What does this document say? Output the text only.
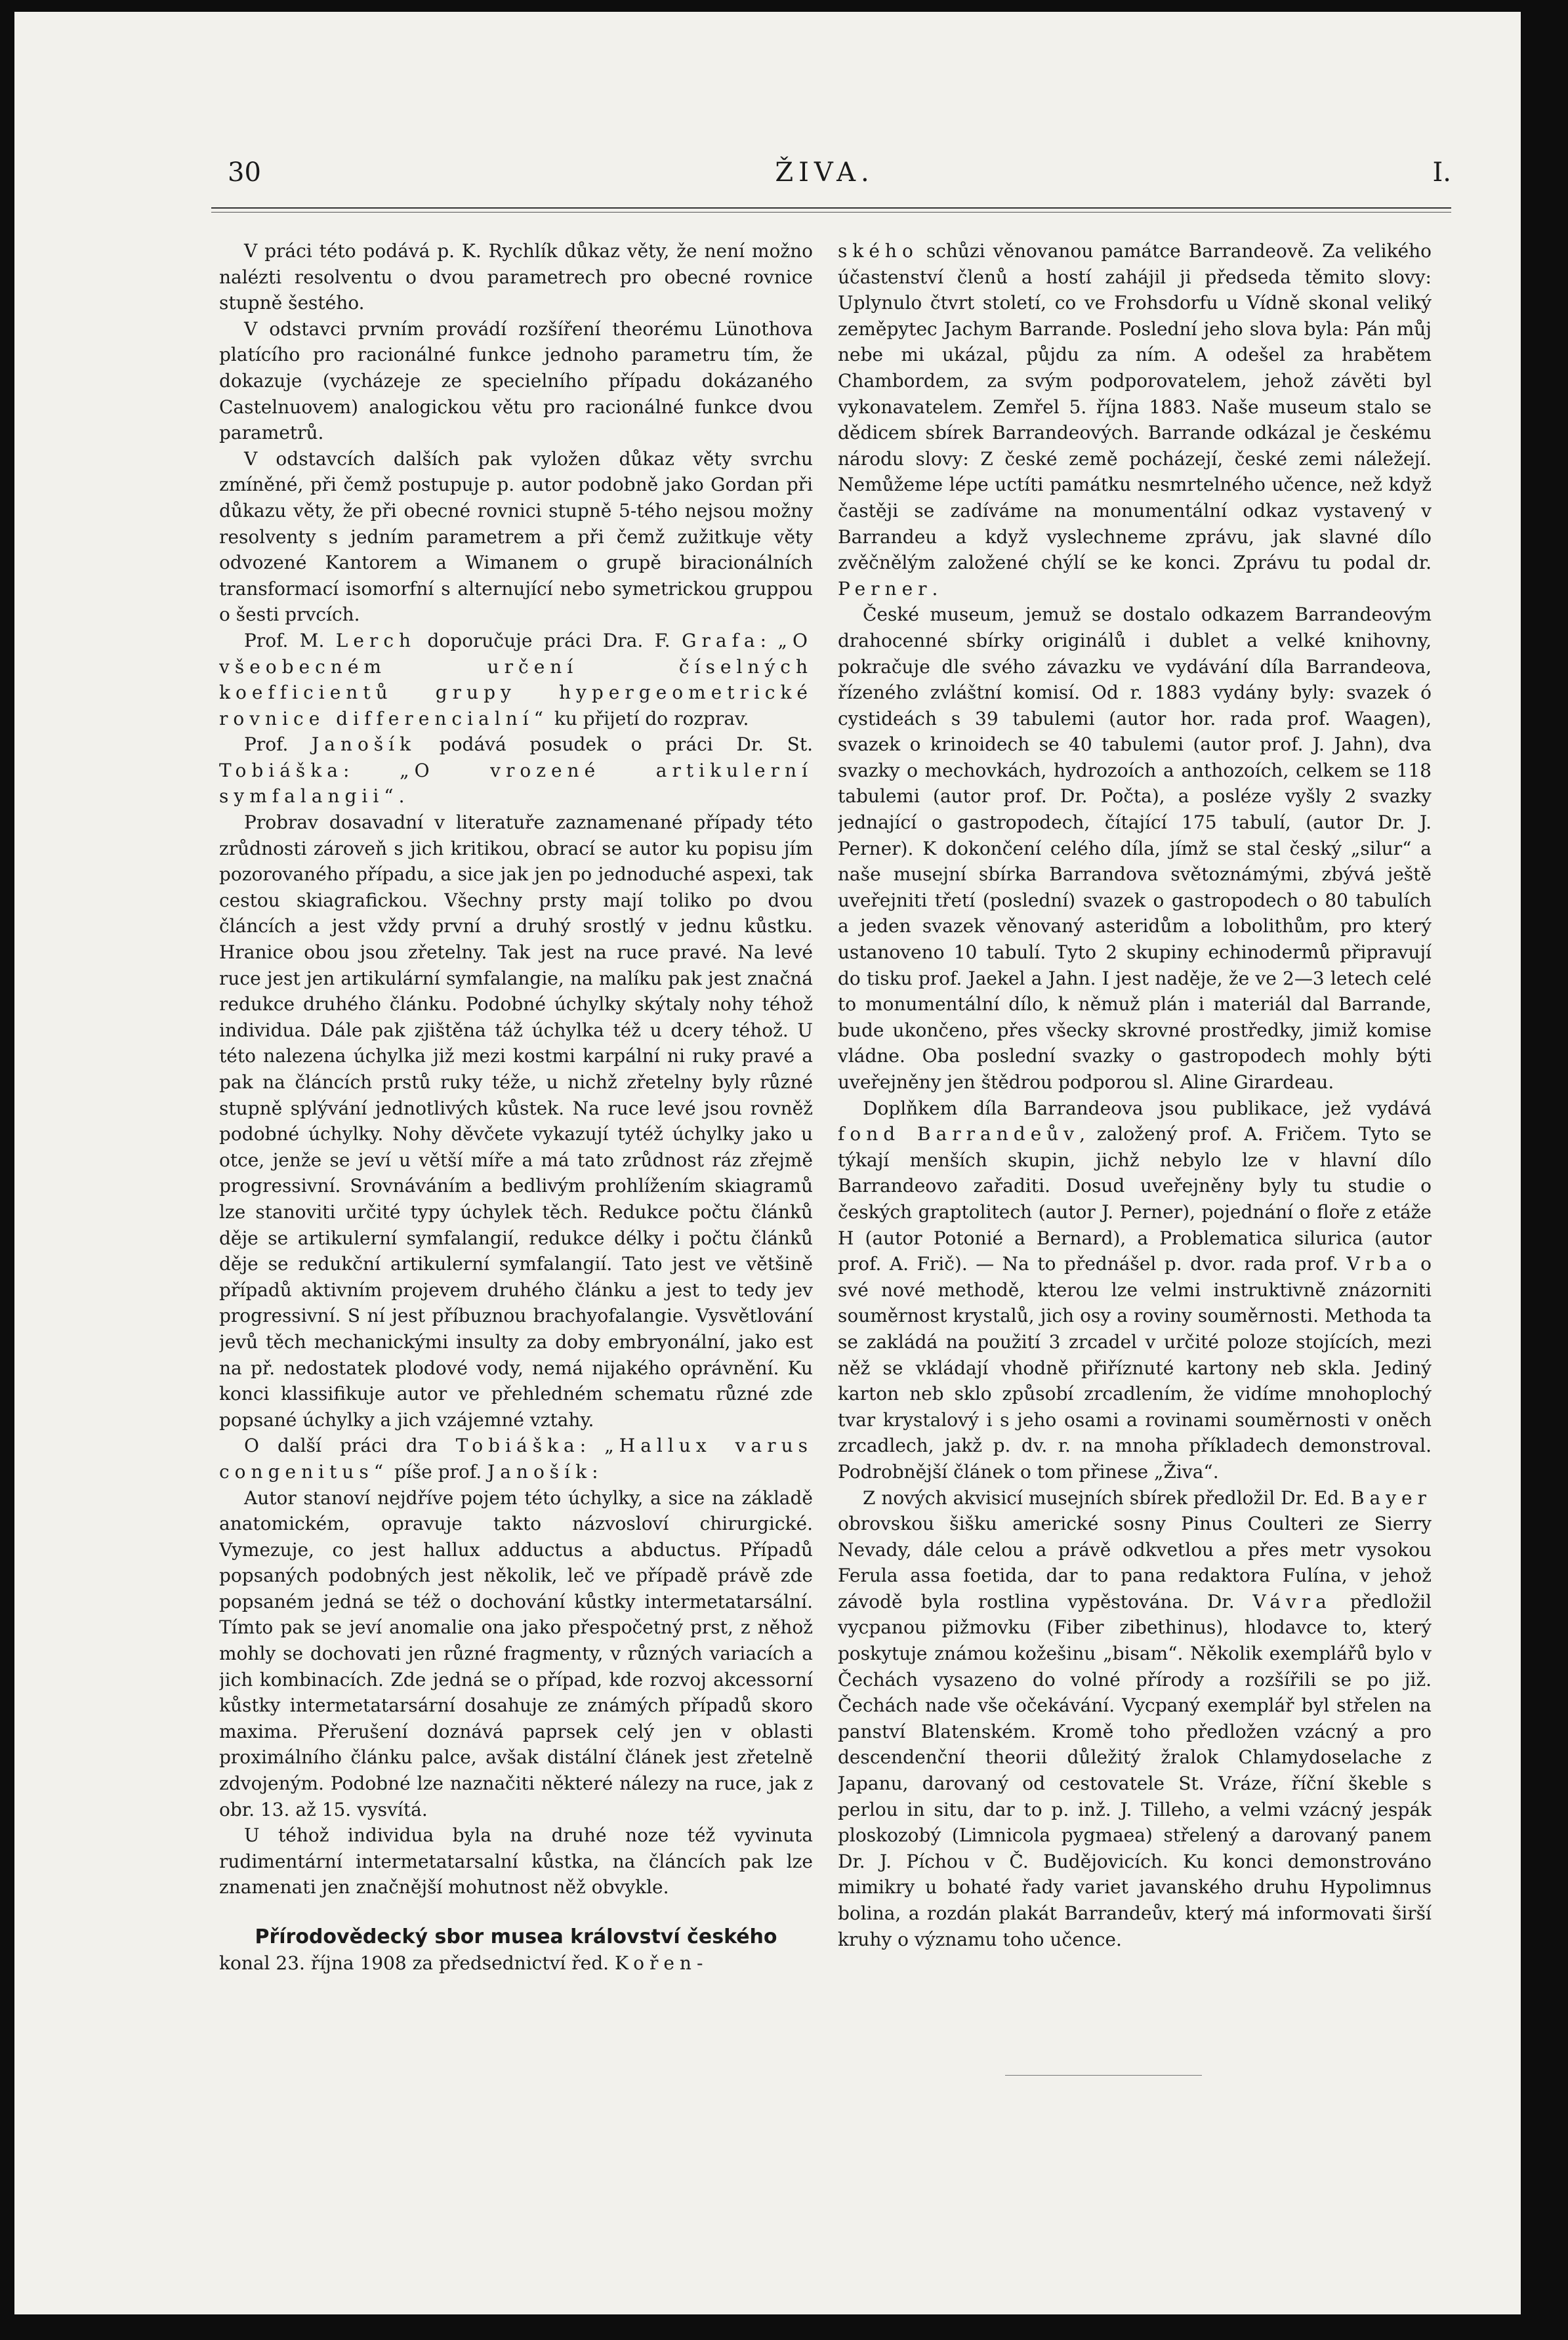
30	ŽIVA.	I.

V práci této podává p. K. Rychlík důkaz věty, že není možno nalézti resolventu o dvou parametrech pro obecné rovnice stupně šestého.

V odstavci prvním provádí rozšíření theorému Lünothova platícího pro racionálné funkce jednoho parametru tím, že dokazuje (vycházeje ze specielního případu dokázaného Castelnuovem) analogickou větu pro racionálné funkce dvou parametrů.

V odstavcích dalších pak vyložen důkaz věty svrchu zmíněné, při čemž postupuje p. autor podobně jako Gordan při důkazu věty, že při obecné rovnici stupně 5-tého nejsou možny resolventy s jedním parametrem a při čemž zužitkuje věty odvozené Kantorem a Wimanem o grupě biracionálních transformací isomorfní s alternující nebo symetrickou gruppou o šesti prvcích.

Prof. M. Lerch doporučuje práci Dra. F. Grafa: „O všeobecném určení číselných koefficientů grupy hypergeometrické rovnice differencialní“ ku přijetí do rozprav.

Prof. Janošík podává posudek o práci Dr. St. Tobiáška:	„O vrozené artikulerní symfalangii“.

Probrav dosavadní v literatuře zaznamenané případy této zrůdnosti zároveň s jich kritikou, obrací se autor ku popisu jím pozorovaného případu, a sice jak jen po jednoduché aspexi, tak cestou skiagrafickou. Všechny prsty mají toliko po dvou článcích a jest vždy první a druhý srostlý v jednu kůstku. Hranice obou jsou zřetelny. Tak jest na ruce pravé. Na levé ruce jest jen artikulární symfalangie, na malíku pak jest značná redukce druhého článku. Podobné úchylky skýtaly nohy téhož individua. Dále pak zjištěna táž úchylka též u dcery téhož. U této nalezena úchylka již mezi kostmi karpální ni ruky pravé a pak na článcích prstů ruky téže, u nichž zřetelny byly různé stupně splývání jednotlivých kůstek. Na ruce levé jsou rovněž podobné úchylky. Nohy děvčete vykazují tytéž úchylky jako u otce, jenže se jeví u větší míře a má tato zrůdnost ráz zřejmě progressivní. Srovnáváním a bedlivým prohlížením skiagramů lze stanoviti určité typy úchylek těch. Redukce počtu článků děje se artikulerní symfalangií, redukce délky i počtu článků děje se redukční artikulerní symfalangií. Tato jest ve většině případů aktivním projevem druhého článku a jest to tedy jev progressivní. S ní jest příbuznou brachyofalangie. Vysvětlování jevů těch mechanickými insulty za doby embryonální, jako est na př. nedostatek plodové vody, nemá nijakého oprávnění. Ku konci klassifikuje autor ve přehledném schematu různé zde popsané úchylky a jich vzájemné vztahy.

O další práci dra Tobiáška: „Hallux varus congenitus“ píše prof. Janošík:

Autor stanoví nejdříve pojem této úchylky, a sice na základě anatomickém, opravuje takto názvosloví chirurgické. Vymezuje, co jest hallux adductus a abductus. Případů popsaných podobných jest několik, leč ve případě právě zde popsaném jedná se též o dochování kůstky intermetatarsální. Tímto pak se jeví anomalie ona jako přespočetný prst, z něhož mohly se dochovati jen různé fragmenty, v různých variacích a jich kombinacích. Zde jedná se o případ, kde rozvoj akcessorní kůstky intermetatarsární dosahuje ze známých případů skoro maxima. Přerušení doznává paprsek celý jen v oblasti proximálního článku palce, avšak distální článek jest zřetelně zdvojeným. Podobné lze naznačiti některé nálezy na ruce, jak z obr. 13. až 15. vysvítá.

U téhož individua byla na druhé noze též vyvinuta rudimentární intermetatarsalní kůstka, na článcích pak lze znamenati jen značnější mohutnost něž obvykle.

Přírodovědecký sbor musea království českého

konal 23. října 1908 za předsednictví řed. Kořen-

ského schůzi věnovanou památce Barrandeově. Za velikého účastenství členů a hostí zahájil ji předseda těmito slovy: Uplynulo čtvrt století, co ve Frohsdorfu u Vídně skonal veliký zeměpytec Jachym Barrande. Poslední jeho slova byla: Pán můj nebe mi ukázal, půjdu za ním. A odešel za hrabětem Chambordem, za svým podporovatelem, jehož závěti byl vykonavatelem. Zemřel 5. října 1883. Naše museum stalo se dědicem sbírek Barrandeových. Barrande odkázal je českému národu slovy: Z české země pocházejí, české zemi náležejí. Nemůžeme lépe uctíti památku nesmrtelného učence, než když častěji se zadíváme na monumentální odkaz vystavený v Barrandeu a když vyslechneme zprávu, jak slavné dílo zvěčnělým založené chýlí se ke konci. Zprávu tu podal dr. Perner.

České museum, jemuž se dostalo odkazem Barrandeovým drahocenné sbírky originálů i dublet a velké knihovny, pokračuje dle svého závazku ve vydávání díla Barrandeova, řízeného zvláštní komisí. Od r. 1883 vydány byly: svazek ó cystideách s 39 tabulemi (autor hor. rada prof. Waagen), svazek o krinoidech se 40 tabulemi (autor prof. J. Jahn), dva svazky o mechovkách, hydrozoích a anthozoích, celkem se 118 tabulemi (autor prof. Dr. Počta), a posléze vyšly 2 svazky jednající o gastropodech, čítající 175 tabulí, (autor Dr. J. Perner). K dokončení celého díla, jímž se stal český „silur“ a naše musejní sbírka Barrandova světoznámými, zbývá ještě uveřejniti třetí (poslední) svazek o gastropodech o 80 tabulích a jeden svazek věnovaný asteridům a lobolithům, pro který ustanoveno 10 tabulí. Tyto 2 skupiny echinodermů připravují do tisku prof. Jaekel a Jahn. I jest naděje, že ve 2—3 letech celé to monumentální dílo, k němuž plán i materiál dal Barrande, bude ukončeno, přes všecky skrovné prostředky, jimiž komise vládne. Oba poslední svazky o gastropodech mohly býti uveřejněny jen štědrou podporou sl. Aline Girardeau.

Doplňkem díla Barrandeova jsou publikace, jež vydává fond Barrandeův, založený prof. A. Fričem. Tyto se týkají menších skupin, jichž nebylo lze v hlavní dílo Barrandeovo zařaditi. Dosud uveřejněny byly tu studie o českých graptolitech (autor J. Perner), pojednání o floře z etáže H (autor Potonié a Bernard), a Problematica silurica (autor prof. A. Frič). — Na to přednášel p. dvor. rada prof. Vrba o své nové methodě, kterou lze velmi instruktivně znázorniti souměrnost krystalů, jich osy a roviny souměrnosti. Methoda ta se zakládá na použití 3 zrcadel v určité poloze stojících, mezi něž se vkládají vhodně přiříznuté kartony neb skla. Jediný karton neb sklo způsobí zrcadlením, že vidíme mnohoplochý tvar krystalový i s jeho osami a rovinami souměrnosti v oněch zrcadlech, jakž p. dv. r. na mnoha příkladech demonstroval. Podrobnější článek o tom přinese „Živa“.

Z nových akvisicí musejních sbírek předložil Dr. Ed. Bayer obrovskou šišku americké sosny Pinus Coulteri ze Sierry Nevady, dále celou a právě odkvetlou a přes metr vysokou Ferula assa foetida, dar to pana redaktora Fulína, v jehož závodě byla rostlina vypěstována. Dr. Vávra předložil vycpanou pižmovku (Fiber zibethinus), hlodavce to, který poskytuje známou kožešinu „bisam“. Několik exemplářů bylo v Čechách vysazeno do volné přírody a rozšířili se po již. Čechách nade vše očekávání. Vycpaný exemplář byl střelen na panství Blatenském. Kromě toho předložen vzácný a pro descendenční theorii důležitý žralok Chlamydoselache z Japanu, darovaný od cestovatele St. Vráze, říční škeble s perlou in situ, dar to p. inž. J. Tilleho, a velmi vzácný jespák ploskozobý (Limnicola pygmaea) střelený a darovaný panem Dr. J. Píchou v Č. Budějovicích. Ku konci demonstrováno mimikry u bohaté řady variet javanského druhu Hypolimnus bolina, a rozdán plakát Barrandeův, který má informovati širší kruhy o významu toho učence.
